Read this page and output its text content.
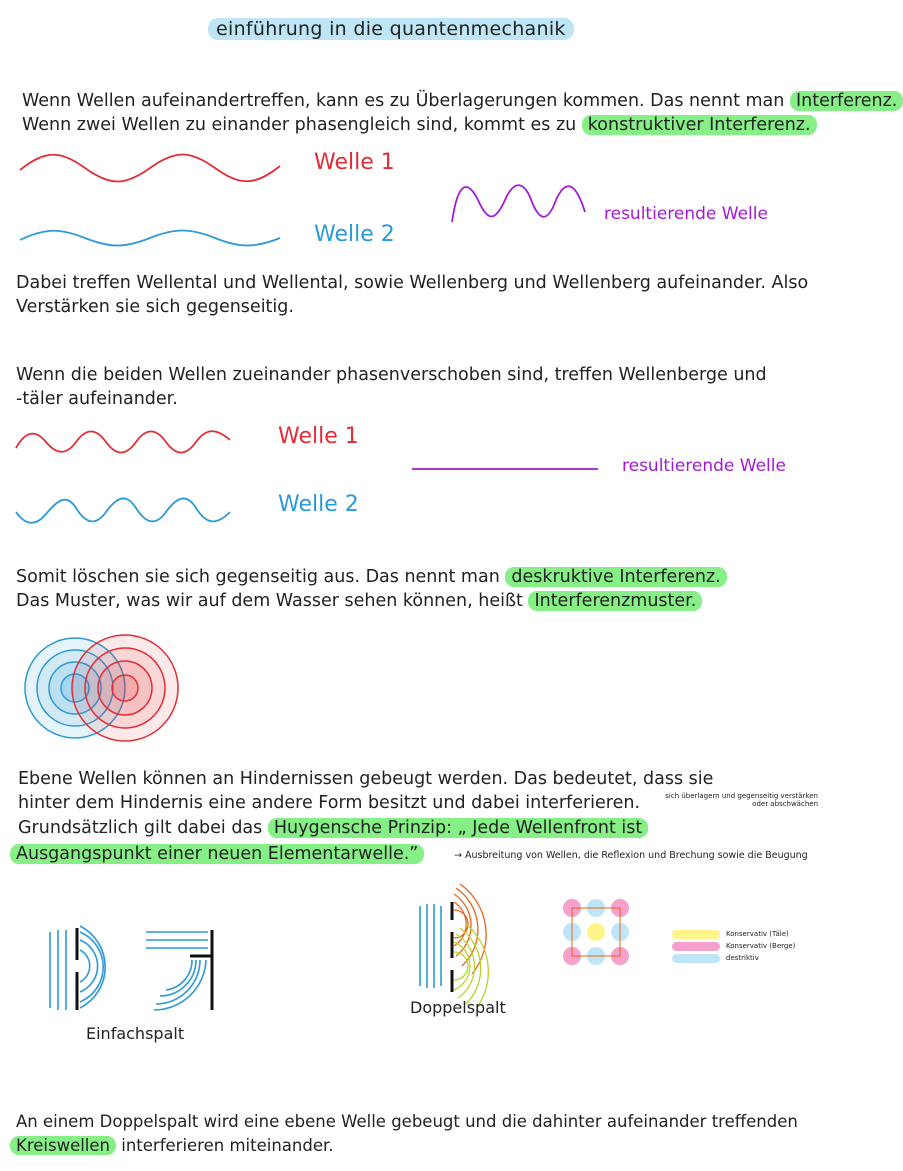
einführung in die quantenmechanik
Wenn Wellen aufeinandertreffen, kann es zu Überlagerungen kommen. Das nennt man Interferenz.
Wenn zwei Wellen zu einander phasengleich sind, kommt es zu konstruktiver Interferenz.
Welle 1
Welle 2
resultierende Welle
Dabei treffen Wellental und Wellental, sowie Wellenberg und Wellenberg aufeinander. Also
Verstärken sie sich gegenseitig.
Wenn die beiden Wellen zueinander phasenverschoben sind, treffen Wellenberge und
-täler aufeinander.
Welle 1
Welle 2
resultierende Welle
Somit löschen sie sich gegenseitig aus. Das nennt man deskruktive Interferenz.
Das Muster, was wir auf dem Wasser sehen können, heißt Interferenzmuster.
Ebene Wellen können an Hindernissen gebeugt werden. Das bedeutet, dass sie
hinter dem Hindernis eine andere Form besitzt und dabei interferieren.	sich überlagern und gegenseitig verstärken oder abschwächen
Grundsätzlich gilt dabei das Huygensche Prinzip: „ Jede Wellenfront ist
Ausgangspunkt einer neuen Elementarwelle.”	→ Ausbreitung von Wellen, die Reflexion und Brechung sowie die Beugung
Einfachspalt
Doppelspalt
Konservativ (Täle)
Konservativ (Berge)
destriktiv
An einem Doppelspalt wird eine ebene Welle gebeugt und die dahinter aufeinander treffenden
Kreiswellen interferieren miteinander.
